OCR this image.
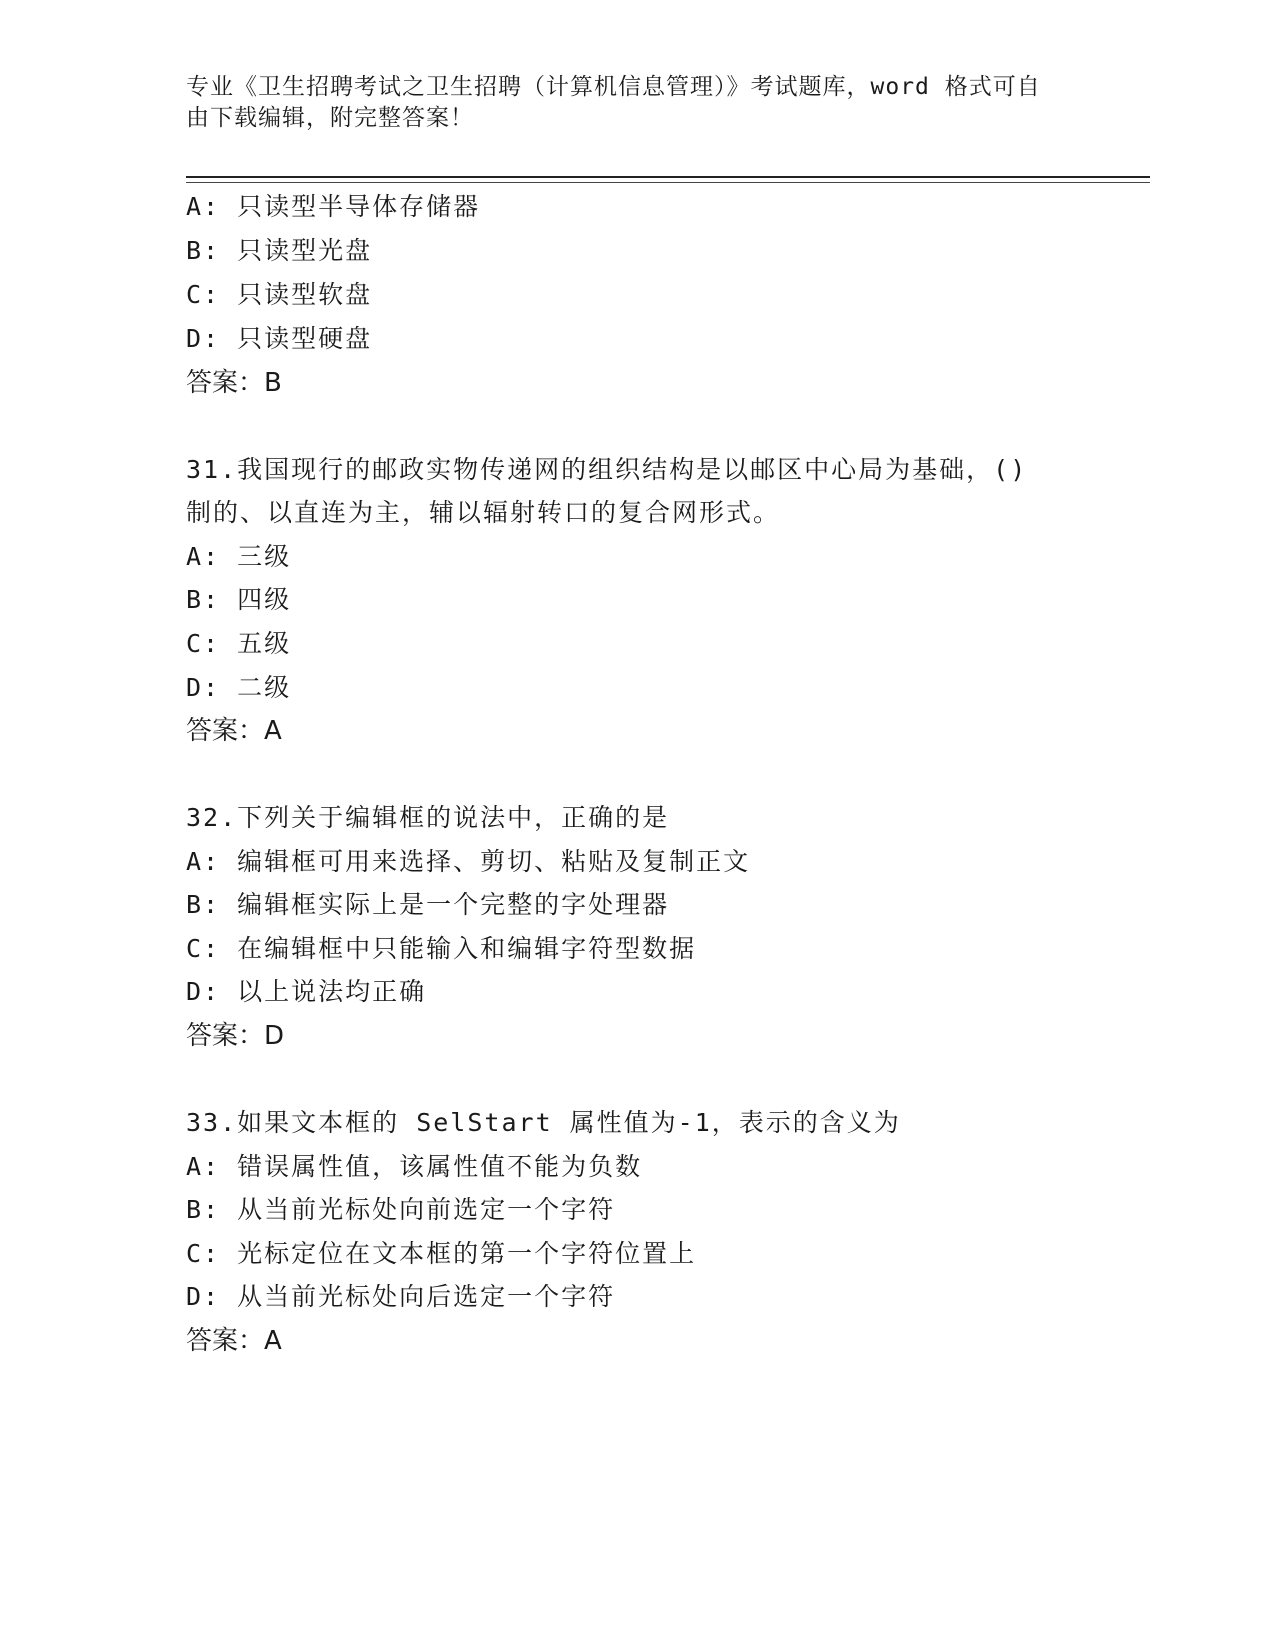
专业《卫生招聘考试之卫生招聘（计算机信息管理）》考试题库，word 格式可自
由下载编辑，附完整答案！
A: 只读型半导体存储器
B: 只读型光盘
C: 只读型软盘
D: 只读型硬盘
答案：B
31.我国现行的邮政实物传递网的组织结构是以邮区中心局为基础，()
制的、以直连为主，辅以辐射转口的复合网形式。
A: 三级
B: 四级
C: 五级
D: 二级
答案：A
32.下列关于编辑框的说法中，正确的是
A: 编辑框可用来选择、剪切、粘贴及复制正文
B: 编辑框实际上是一个完整的字处理器
C: 在编辑框中只能输入和编辑字符型数据
D: 以上说法均正确
答案：D
33.如果文本框的 SelStart 属性值为-1，表示的含义为
A: 错误属性值，该属性值不能为负数
B: 从当前光标处向前选定一个字符
C: 光标定位在文本框的第一个字符位置上
D: 从当前光标处向后选定一个字符
答案：A
